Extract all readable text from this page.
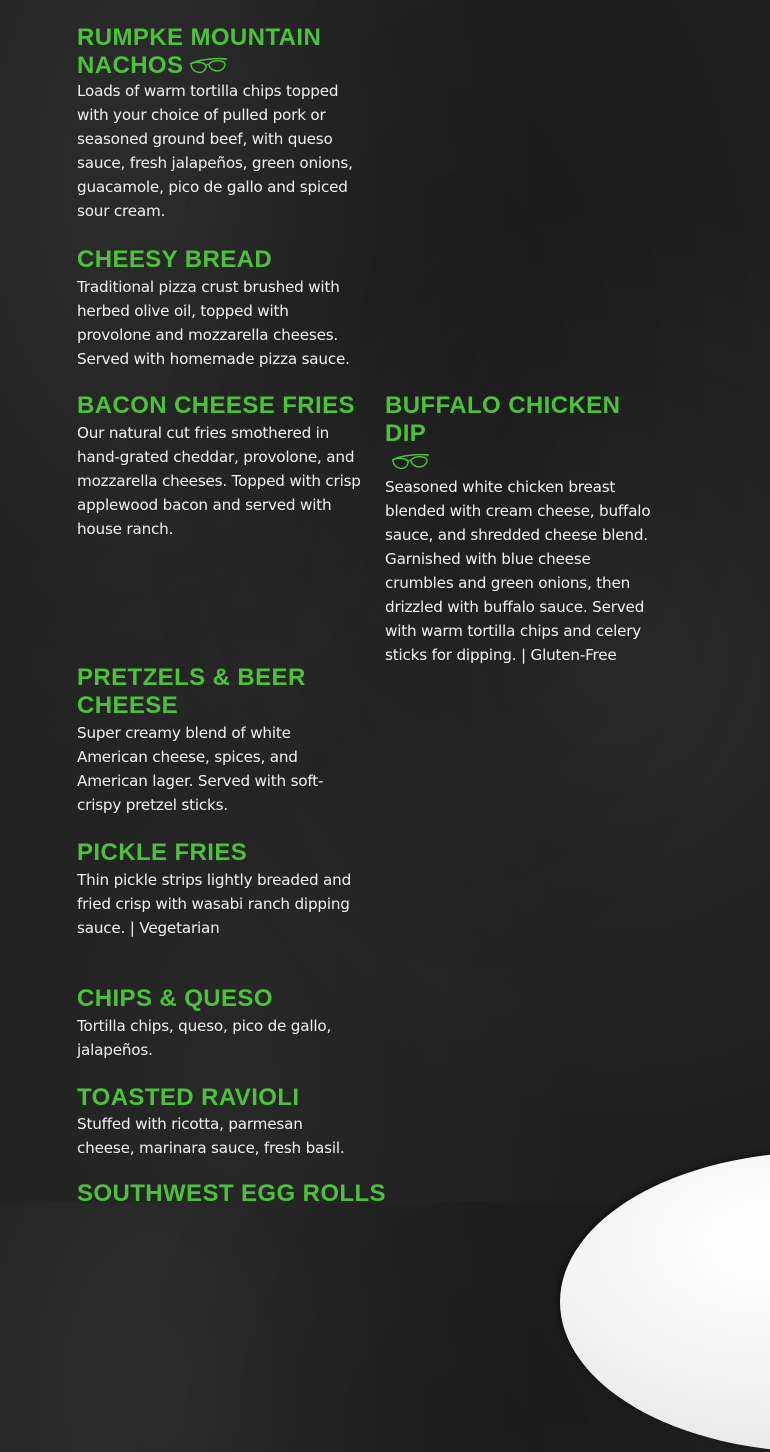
RUMPKE MOUNTAIN NACHOS

Loads of warm tortilla chips topped with your choice of pulled pork or seasoned ground beef, with queso sauce, fresh jalapeños, green onions, guacamole, pico de gallo and spiced sour cream.

CHEESY BREAD

Traditional pizza crust brushed with herbed olive oil, topped with provolone and mozzarella cheeses. Served with homemade pizza sauce.

BACON CHEESE FRIES

Our natural cut fries smothered in hand-grated cheddar, provolone, and mozzarella cheeses. Topped with crisp applewood bacon and served with house ranch.

BUFFALO CHICKEN DIP

Seasoned white chicken breast blended with cream cheese, buffalo sauce, and shredded cheese blend. Garnished with blue cheese crumbles and green onions, then drizzled with buffalo sauce. Served with warm tortilla chips and celery sticks for dipping. | Gluten-Free

PRETZELS & BEER CHEESE

Super creamy blend of white American cheese, spices, and American lager. Served with soft-crispy pretzel sticks.

PICKLE FRIES

Thin pickle strips lightly breaded and fried crisp with wasabi ranch dipping sauce. | Vegetarian

CHIPS & QUESO

Tortilla chips, queso, pico de gallo, jalapeños.

TOASTED RAVIOLI

Stuffed with ricotta, parmesan cheese, marinara sauce, fresh basil.

SOUTHWEST EGG ROLLS
